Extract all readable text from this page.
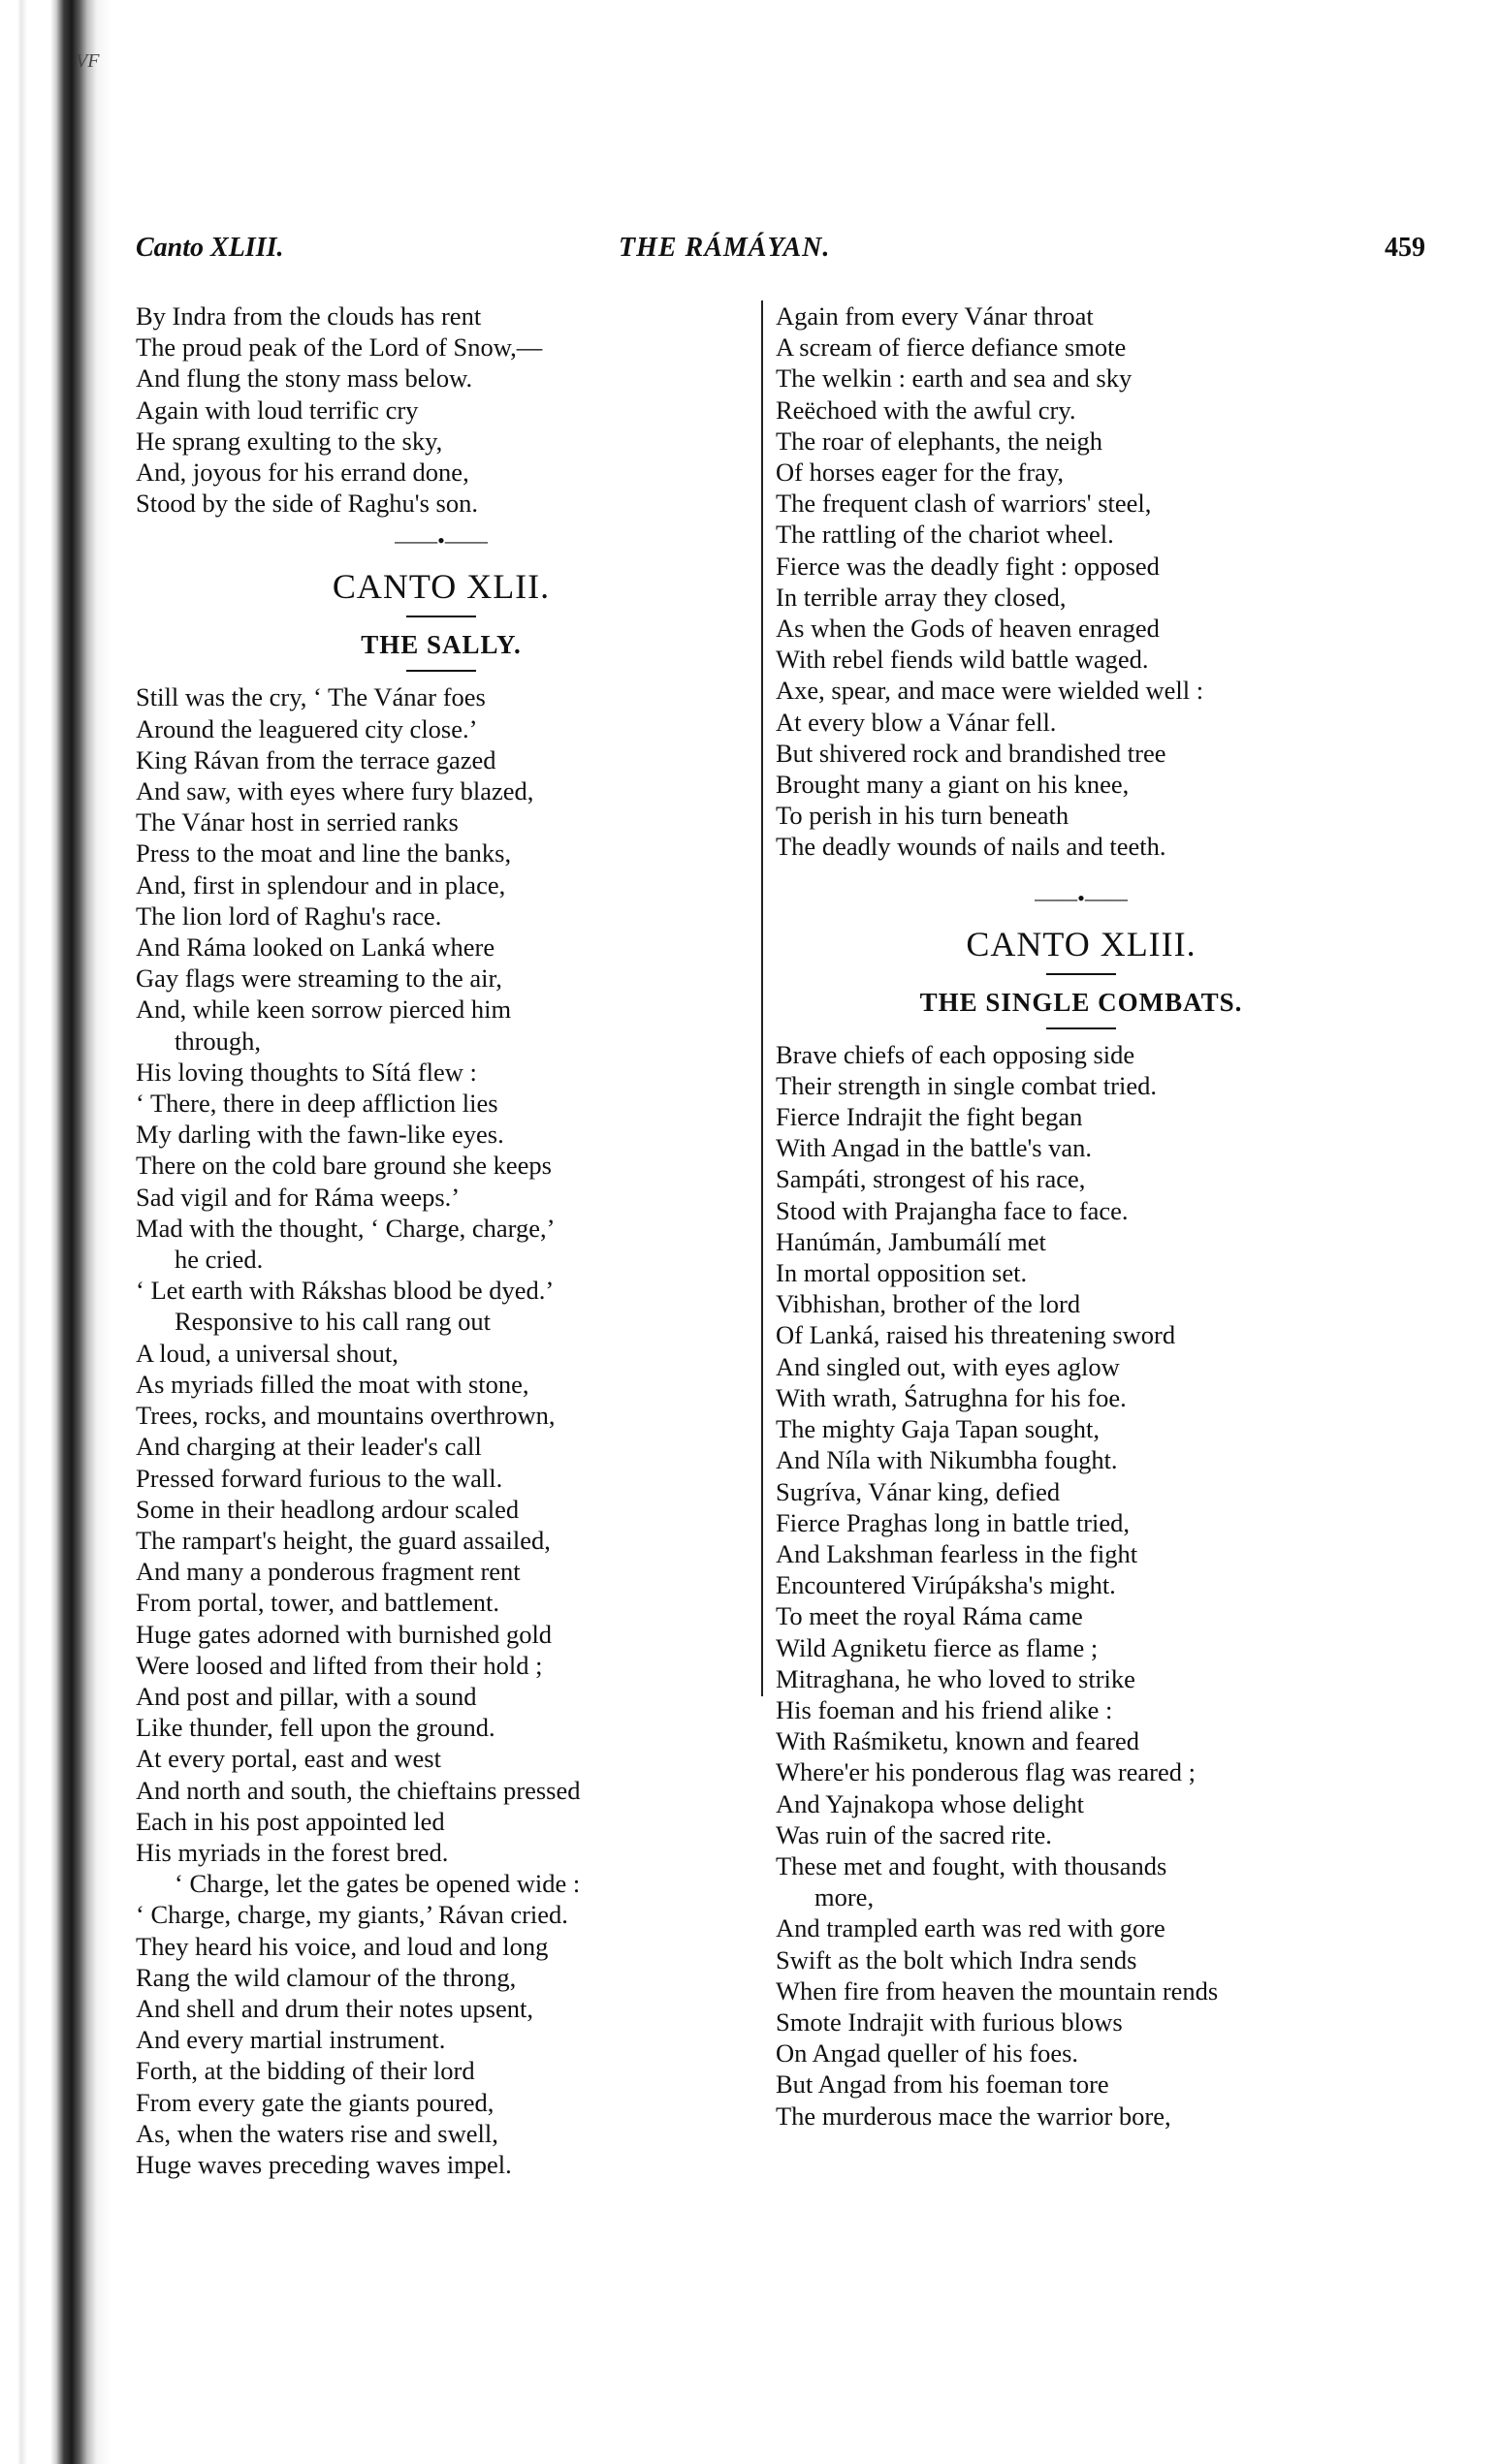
VF
Canto XLIII.	THE RÁMÁYAN.	459
By Indra from the clouds has rent
The proud peak of the Lord of Snow,—
And flung the stony mass below.
Again with loud terrific cry
He sprang exulting to the sky,
And, joyous for his errand done,
Stood by the side of Raghu's son.
——•——
CANTO XLII.
THE SALLY.
Still was the cry, ‘ The Vánar foes
Around the leaguered city close.’
King Rávan from the terrace gazed
And saw, with eyes where fury blazed,
The Vánar host in serried ranks
Press to the moat and line the banks,
And, first in splendour and in place,
The lion lord of Raghu's race.
And Ráma looked on Lanká where
Gay flags were streaming to the air,
And, while keen sorrow pierced him
through,
His loving thoughts to Sítá flew :
‘ There, there in deep affliction lies
My darling with the fawn-like eyes.
There on the cold bare ground she keeps
Sad vigil and for Ráma weeps.’
Mad with the thought, ‘ Charge, charge,’
he cried.
‘ Let earth with Rákshas blood be dyed.’
Responsive to his call rang out
A loud, a universal shout,
As myriads filled the moat with stone,
Trees, rocks, and mountains overthrown,
And charging at their leader's call
Pressed forward furious to the wall.
Some in their headlong ardour scaled
The rampart's height, the guard assailed,
And many a ponderous fragment rent
From portal, tower, and battlement.
Huge gates adorned with burnished gold
Were loosed and lifted from their hold ;
And post and pillar, with a sound
Like thunder, fell upon the ground.
At every portal, east and west
And north and south, the chieftains pressed
Each in his post appointed led
His myriads in the forest bred.
‘ Charge, let the gates be opened wide :
‘ Charge, charge, my giants,’ Rávan cried.
They heard his voice, and loud and long
Rang the wild clamour of the throng,
And shell and drum their notes upsent,
And every martial instrument.
Forth, at the bidding of their lord
From every gate the giants poured,
As, when the waters rise and swell,
Huge waves preceding waves impel.
Again from every Vánar throat
A scream of fierce defiance smote
The welkin : earth and sea and sky
Reëchoed with the awful cry.
The roar of elephants, the neigh
Of horses eager for the fray,
The frequent clash of warriors' steel,
The rattling of the chariot wheel.
Fierce was the deadly fight : opposed
In terrible array they closed,
As when the Gods of heaven enraged
With rebel fiends wild battle waged.
Axe, spear, and mace were wielded well :
At every blow a Vánar fell.
But shivered rock and brandished tree
Brought many a giant on his knee,
To perish in his turn beneath
The deadly wounds of nails and teeth.
——•——
CANTO XLIII.
THE SINGLE COMBATS.
Brave chiefs of each opposing side
Their strength in single combat tried.
Fierce Indrajit the fight began
With Angad in the battle's van.
Sampáti, strongest of his race,
Stood with Prajangha face to face.
Hanúmán, Jambumálí met
In mortal opposition set.
Vibhishan, brother of the lord
Of Lanká, raised his threatening sword
And singled out, with eyes aglow
With wrath, Śatrughna for his foe.
The mighty Gaja Tapan sought,
And Níla with Nikumbha fought.
Sugríva, Vánar king, defied
Fierce Praghas long in battle tried,
And Lakshman fearless in the fight
Encountered Virúpáksha's might.
To meet the royal Ráma came
Wild Agniketu fierce as flame ;
Mitraghana, he who loved to strike
His foeman and his friend alike :
With Raśmiketu, known and feared
Where'er his ponderous flag was reared ;
And Yajnakopa whose delight
Was ruin of the sacred rite.
These met and fought, with thousands
more,
And trampled earth was red with gore
Swift as the bolt which Indra sends
When fire from heaven the mountain rends
Smote Indrajit with furious blows
On Angad queller of his foes.
But Angad from his foeman tore
The murderous mace the warrior bore,
